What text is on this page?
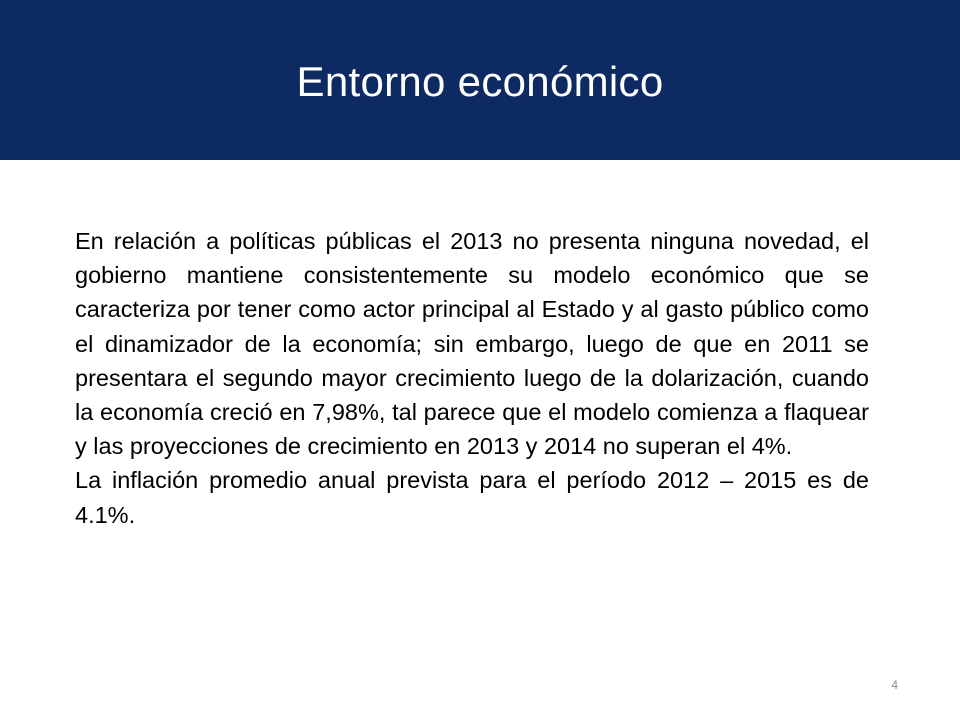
Entorno económico

En relación a políticas públicas el 2013 no presenta ninguna novedad, el gobierno mantiene consistentemente su modelo económico que se caracteriza por tener como actor principal al Estado y al gasto público como el dinamizador de la economía; sin embargo, luego de que en 2011 se presentara el segundo mayor crecimiento luego de la dolarización, cuando la economía creció en 7,98%, tal parece que el modelo comienza a flaquear y las proyecciones de crecimiento en 2013 y 2014 no superan el 4%.

La inflación promedio anual prevista para el período 2012 – 2015 es de 4.1%.

4
